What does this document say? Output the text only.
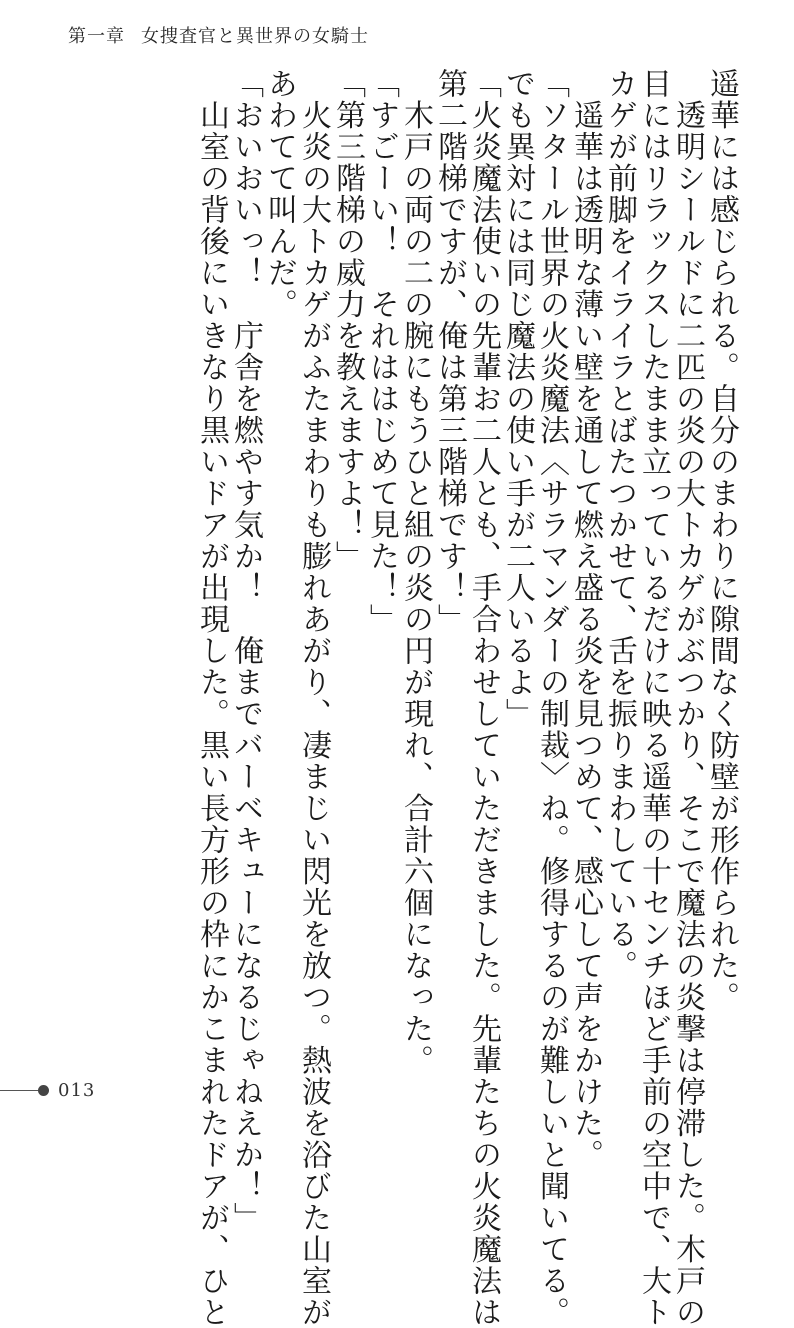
第一章 女捜査官と異世界の女騎士

遥華には感じられる。自分のまわりに隙間なく防壁が形作られた。

　透明シールドに二匹の炎の大トカゲがぶつかり、そこで魔法の炎撃は停滞した。木戸の

目にはリラックスしたまま立っているだけに映る遥華の十センチほど手前の空中で、大ト

カゲが前脚をイライラとばたつかせて、舌を振りまわしている。

　遥華は透明な薄い壁を通して燃え盛る炎を見つめて、感心して声をかけた。

「ソタール世界の火炎魔法〈サラマンダーの制裁〉ね。修得するのが難しいと聞いてる。

でも異対には同じ魔法の使い手が二人いるよ」

「火炎魔法使いの先輩お二人とも、手合わせしていただきました。先輩たちの火炎魔法は

第二階梯ですが、俺は第三階梯です！」

　木戸の両の二の腕にもうひと組の炎の円が現れ、合計六個になった。

「すごーい！　それははじめて見た！」

「第三階梯の威力を教えますよ！」

　火炎の大トカゲがふたまわりも膨れあがり、凄まじい閃光を放つ。熱波を浴びた山室が

あわてて叫んだ。

「おいおいっ！　庁舎を燃やす気か！　俺までバーベキューになるじゃねえか！」

　山室の背後にいきなり黒いドアが出現した。黒い長方形の枠にかこまれたドアが、ひと

013
